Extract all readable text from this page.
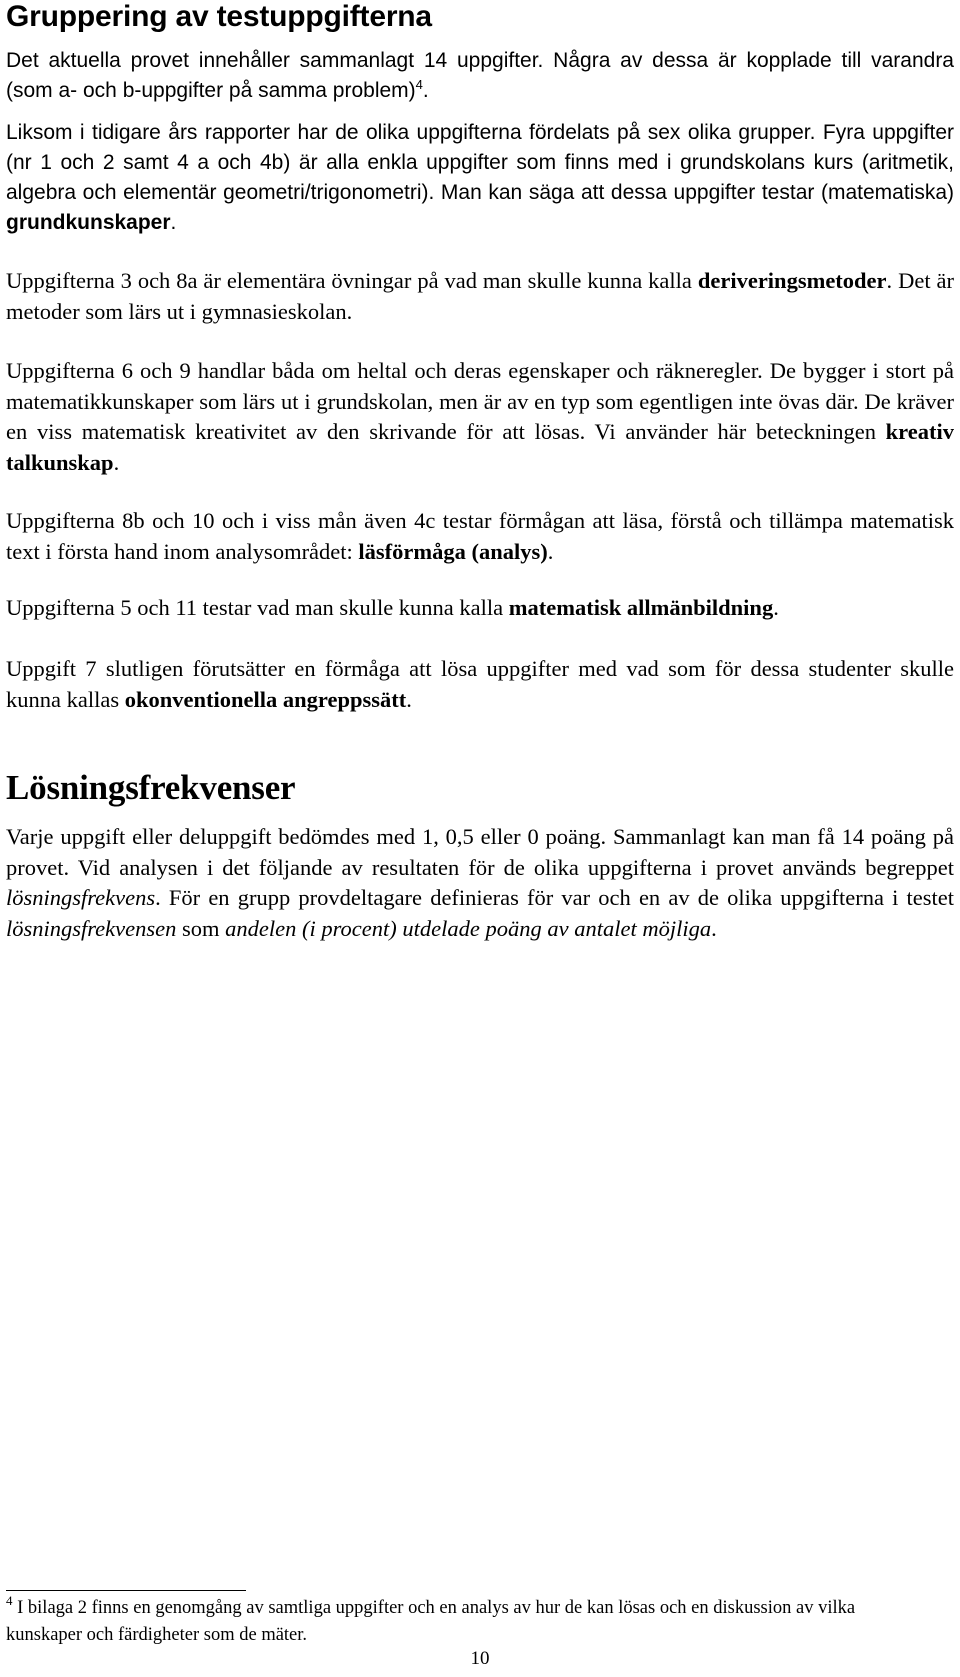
Gruppering av testuppgifterna

Det aktuella provet innehåller sammanlagt 14 uppgifter. Några av dessa är kopplade till varandra (som a- och b-uppgifter på samma problem)$^4$.

Liksom i tidigare års rapporter har de olika uppgifterna fördelats på sex olika grupper. Fyra uppgifter (nr 1 och 2 samt 4 a och 4b) är alla enkla uppgifter som finns med i grundskolans kurs (aritmetik, algebra och elementär geometri/trigonometri). Man kan säga att dessa uppgifter testar (matematiska) grundkunskaper.

Uppgifterna 3 och 8a är elementära övningar på vad man skulle kunna kalla deriveringsmetoder. Det är metoder som lärs ut i gymnasieskolan.

Uppgifterna 6 och 9 handlar båda om heltal och deras egenskaper och räkneregler. De bygger i stort på matematikkunskaper som lärs ut i grundskolan, men är av en typ som egentligen inte övas där. De kräver en viss matematisk kreativitet av den skrivande för att lösas. Vi använder här beteckningen kreativ talkunskap.

Uppgifterna 8b och 10 och i viss mån även 4c testar förmågan att läsa, förstå och tillämpa matematisk text i första hand inom analysområdet: läsförmåga (analys).

Uppgifterna 5 och 11 testar vad man skulle kunna kalla matematisk allmänbildning.

Uppgift 7 slutligen förutsätter en förmåga att lösa uppgifter med vad som för dessa studenter skulle kunna kallas okonventionella angreppssätt.

Lösningsfrekvenser

Varje uppgift eller deluppgift bedömdes med 1, 0,5 eller 0 poäng. Sammanlagt kan man få 14 poäng på provet. Vid analysen i det följande av resultaten för de olika uppgifterna i provet används begreppet lösningsfrekvens. För en grupp provdeltagare definieras för var och en av de olika uppgifterna i testet lösningsfrekvensen som andelen (i procent) utdelade poäng av antalet möjliga.

$^4$ I bilaga 2 finns en genomgång av samtliga uppgifter och en analys av hur de kan lösas och en diskussion av vilka kunskaper och färdigheter som de mäter.

10
